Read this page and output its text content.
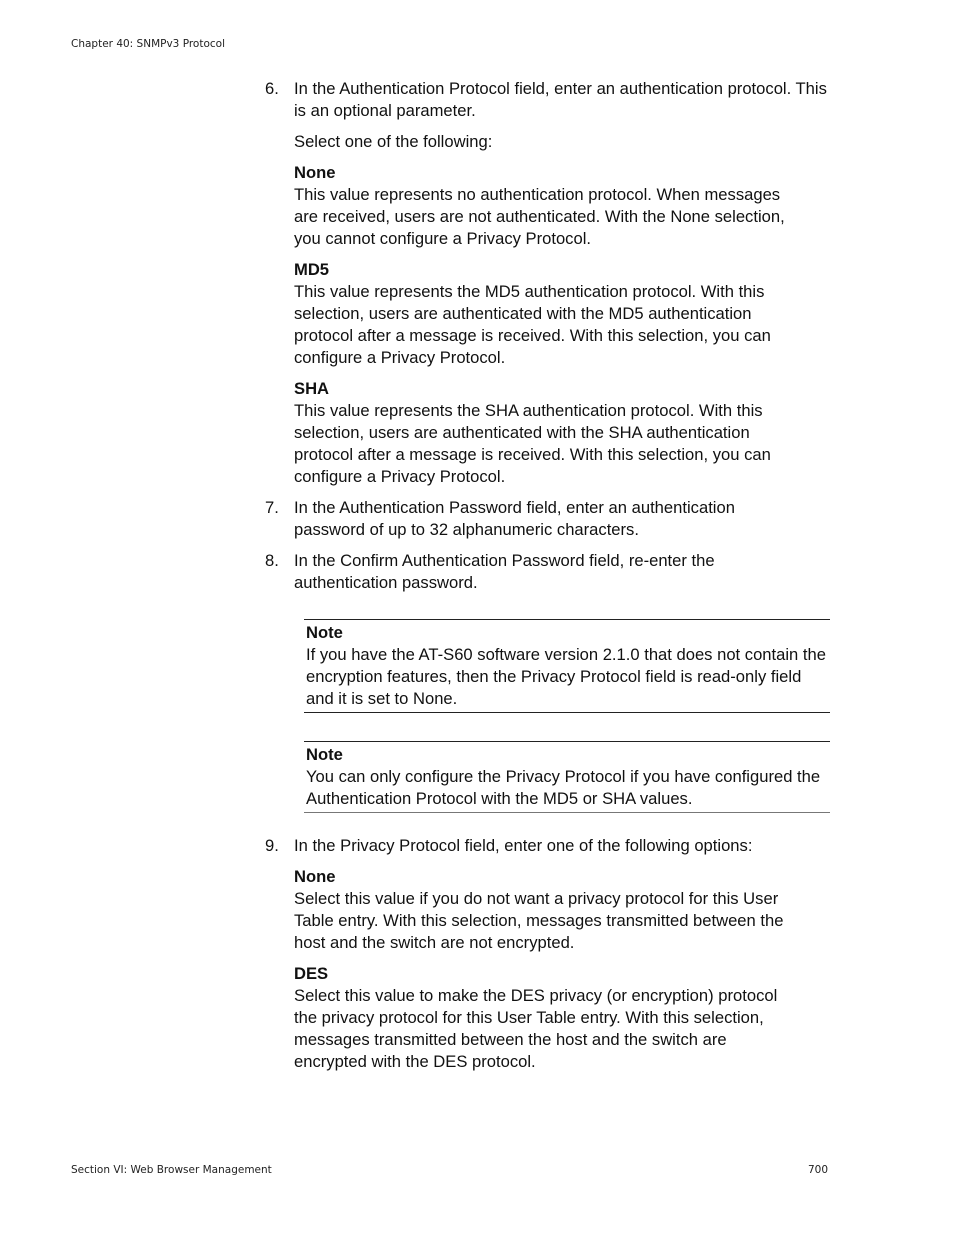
Chapter 40: SNMPv3 Protocol
6. In the Authentication Protocol field, enter an authentication protocol. This is an optional parameter.

Select one of the following:

None

This value represents no authentication protocol. When messages are received, users are not authenticated. With the None selection, you cannot configure a Privacy Protocol.

MD5

This value represents the MD5 authentication protocol. With this selection, users are authenticated with the MD5 authentication protocol after a message is received. With this selection, you can configure a Privacy Protocol.

SHA

This value represents the SHA authentication protocol. With this selection, users are authenticated with the SHA authentication protocol after a message is received. With this selection, you can configure a Privacy Protocol.

7. In the Authentication Password field, enter an authentication password of up to 32 alphanumeric characters.

8. In the Confirm Authentication Password field, re-enter the authentication password.

Note

If you have the AT-S60 software version 2.1.0 that does not contain the encryption features, then the Privacy Protocol field is read-only field and it is set to None.

Note

You can only configure the Privacy Protocol if you have configured the Authentication Protocol with the MD5 or SHA values.

9. In the Privacy Protocol field, enter one of the following options:

None

Select this value if you do not want a privacy protocol for this User Table entry. With this selection, messages transmitted between the host and the switch are not encrypted.

DES

Select this value to make the DES privacy (or encryption) protocol the privacy protocol for this User Table entry. With this selection, messages transmitted between the host and the switch are encrypted with the DES protocol.

Section VI: Web Browser Management	700
